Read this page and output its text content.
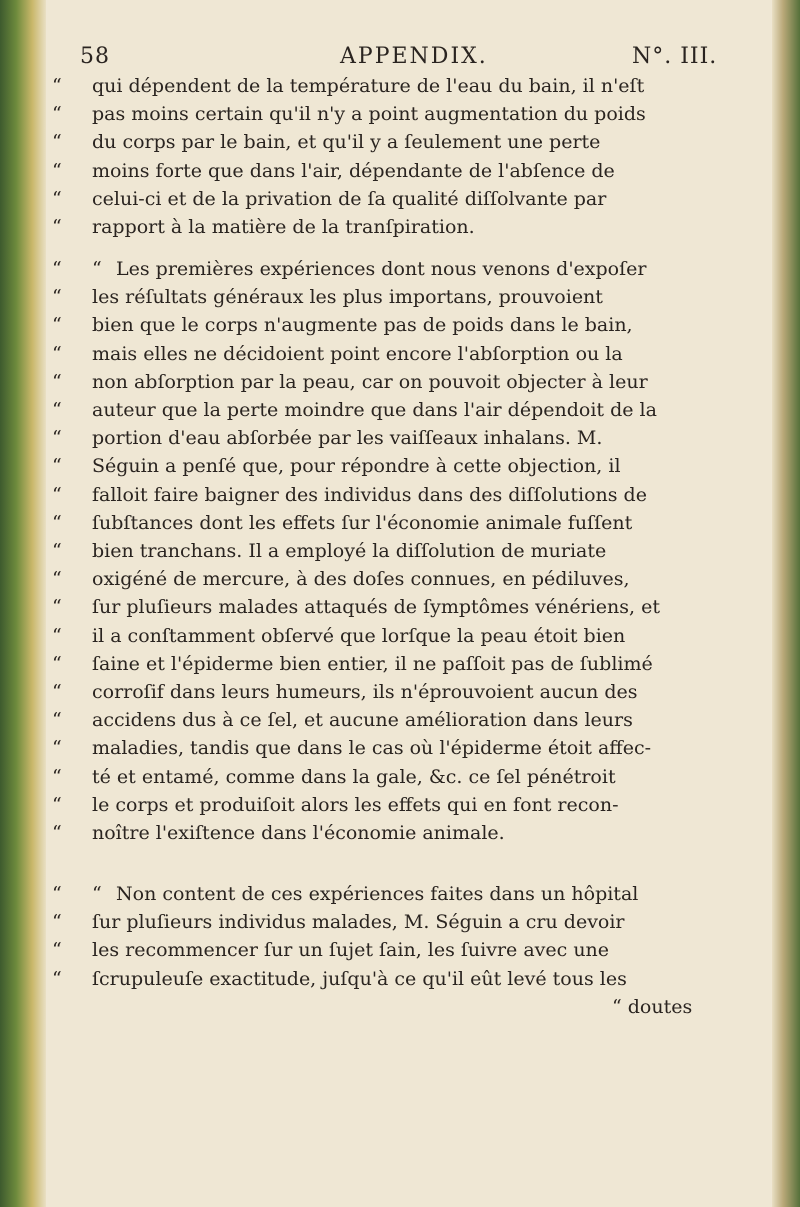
58	APPENDIX.	N°. III.
“ qui dépendent de la température de l'eau du bain, il n'eſt
“ pas moins certain qu'il n'y a point augmentation du poids
“ du corps par le bain, et qu'il y a ſeulement une perte
“ moins forte que dans l'air, dépendante de l'abſence de
“ celui-ci et de la privation de ſa qualité diſſolvante par
“ rapport à la matière de la tranſpiration.
“ “Les premières expériences dont nous venons d'expoſer
“ les réſultats généraux les plus importans, prouvoient
“ bien que le corps n'augmente pas de poids dans le bain,
“ mais elles ne décidoient point encore l'abſorption ou la
“ non abſorption par la peau, car on pouvoit objecter à leur
“ auteur que la perte moindre que dans l'air dépendoit de la
“ portion d'eau abſorbée par les vaiſſeaux inhalans. M.
“ Séguin a penſé que, pour répondre à cette objection, il
“ falloit faire baigner des individus dans des diſſolutions de
“ ſubſtances dont les effets ſur l'économie animale fuſſent
“ bien tranchans. Il a employé la diſſolution de muriate
“ oxigéné de mercure, à des doſes connues, en pédiluves,
“ ſur pluſieurs malades attaqués de ſymptômes vénériens, et
“ il a conſtamment obſervé que lorſque la peau étoit bien
“ ſaine et l'épiderme bien entier, il ne paſſoit pas de ſublimé
“ corroſif dans leurs humeurs, ils n'éprouvoient aucun des
“ accidens dus à ce ſel, et aucune amélioration dans leurs
“ maladies, tandis que dans le cas où l'épiderme étoit affec-
“ té et entamé, comme dans la gale, &c. ce ſel pénétroit
“ le corps et produiſoit alors les effets qui en font recon-
“ noître l'exiſtence dans l'économie animale.
“ “Non content de ces expériences faites dans un hôpital
“ ſur pluſieurs individus malades, M. Séguin a cru devoir
“ les recommencer ſur un ſujet ſain, les ſuivre avec une
“ ſcrupuleuſe exactitude, juſqu'à ce qu'il eût levé tous les
“ doutes
